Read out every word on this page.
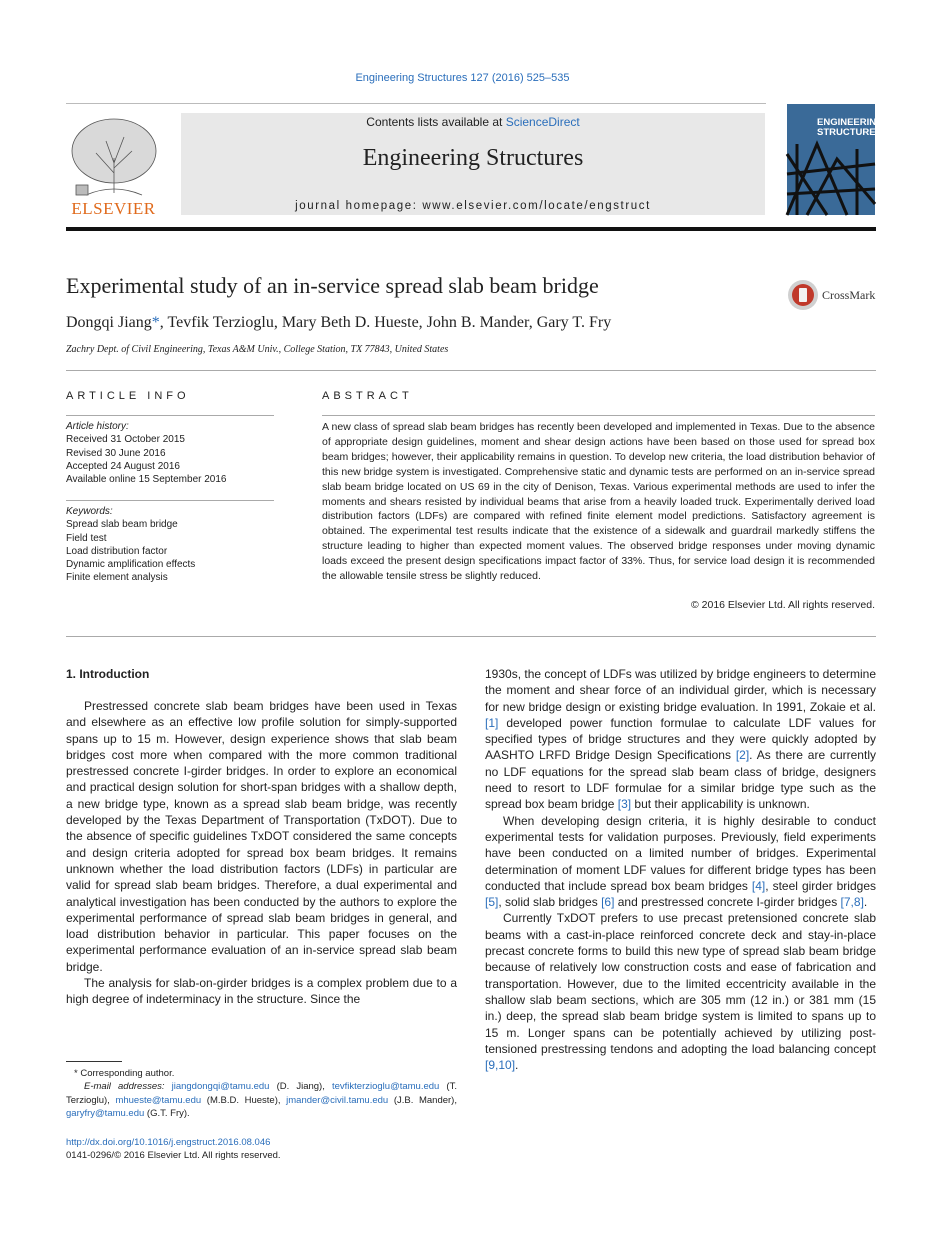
Engineering Structures 127 (2016) 525–535
ELSEVIER
Contents lists available at ScienceDirect
Engineering Structures
journal homepage: www.elsevier.com/locate/engstruct
ENGINEERING
STRUCTURES
Experimental study of an in-service spread slab beam bridge	CrossMark
Dongqi Jiang*, Tevfik Terzioglu, Mary Beth D. Hueste, John B. Mander, Gary T. Fry
Zachry Dept. of Civil Engineering, Texas A&M Univ., College Station, TX 77843, United States
ARTICLE INFO
Article history:
Received 31 October 2015
Revised 30 June 2016
Accepted 24 August 2016
Available online 15 September 2016
Keywords:
Spread slab beam bridge
Field test
Load distribution factor
Dynamic amplification effects
Finite element analysis
ABSTRACT
A new class of spread slab beam bridges has recently been developed and implemented in Texas. Due to the absence of appropriate design guidelines, moment and shear design actions have been based on those used for spread box beam bridges; however, their applicability remains in question. To develop new criteria, the load distribution behavior of this new bridge system is investigated. Comprehensive static and dynamic tests are performed on an in-service spread slab beam bridge located on US 69 in the city of Denison, Texas. Various experimental methods are used to infer the moments and shears resisted by individual beams that arise from a heavily loaded truck. Experimentally derived load distribution factors (LDFs) are compared with refined finite element model predictions. Satisfactory agreement is obtained. The experimental test results indicate that the existence of a sidewalk and guardrail markedly stiffens the structure leading to higher than expected moment values. The observed bridge responses under moving dynamic loads exceed the present design specifications impact factor of 33%. Thus, for service load design it is recommended the allowable tensile stress be slightly reduced.
© 2016 Elsevier Ltd. All rights reserved.
1. Introduction

Prestressed concrete slab beam bridges have been used in Texas and elsewhere as an effective low profile solution for simply-supported spans up to 15 m. However, design experience shows that slab beam bridges cost more when compared with the more common traditional prestressed concrete I-girder bridges. In order to explore an economical and practical design solution for short-span bridges with a shallow depth, a new bridge type, known as a spread slab beam bridge, was recently developed by the Texas Department of Transportation (TxDOT). Due to the absence of specific guidelines TxDOT considered the same concepts and design criteria adopted for spread box beam bridges. It remains unknown whether the load distribution factors (LDFs) in particular are valid for spread slab beam bridges. Therefore, a dual experimental and analytical investigation has been conducted by the authors to explore the experimental performance of spread slab beam bridges in general, and load distribution behavior in particular. This paper focuses on the experimental performance evaluation of an in-service spread slab beam bridge.

The analysis for slab-on-girder bridges is a complex problem due to a high degree of indeterminacy in the structure. Since the

1930s, the concept of LDFs was utilized by bridge engineers to determine the moment and shear force of an individual girder, which is necessary for new bridge design or existing bridge evaluation. In 1991, Zokaie et al. [1] developed power function formulae to calculate LDF values for specified types of bridge structures and they were quickly adopted by AASHTO LRFD Bridge Design Specifications [2]. As there are currently no LDF equations for the spread slab beam class of bridge, designers need to resort to LDF formulae for a similar bridge type such as the spread box beam bridge [3] but their applicability is unknown.

When developing design criteria, it is highly desirable to conduct experimental tests for validation purposes. Previously, field experiments have been conducted on a limited number of bridges. Experimental determination of moment LDF values for different bridge types has been conducted that include spread box beam bridges [4], steel girder bridges [5], solid slab bridges [6] and prestressed concrete I-girder bridges [7,8].

Currently TxDOT prefers to use precast pretensioned concrete slab beams with a cast-in-place reinforced concrete deck and stay-in-place precast concrete forms to build this new type of spread slab beam bridge because of relatively low construction costs and ease of fabrication and transportation. However, due to the limited eccentricity available in the shallow slab beam sections, which are 305 mm (12 in.) or 381 mm (15 in.) deep, the spread slab beam bridge system is limited to spans up to 15 m. Longer spans can be potentially achieved by utilizing post-tensioned prestressing tendons and adopting the load balancing concept [9,10].

* Corresponding author.
E-mail addresses: jiangdongqi@tamu.edu (D. Jiang), tevfikterzioglu@tamu.edu (T. Terzioglu), mhueste@tamu.edu (M.B.D. Hueste), jmander@civil.tamu.edu (J.B. Mander), garyfry@tamu.edu (G.T. Fry).
http://dx.doi.org/10.1016/j.engstruct.2016.08.046
0141-0296/© 2016 Elsevier Ltd. All rights reserved.
